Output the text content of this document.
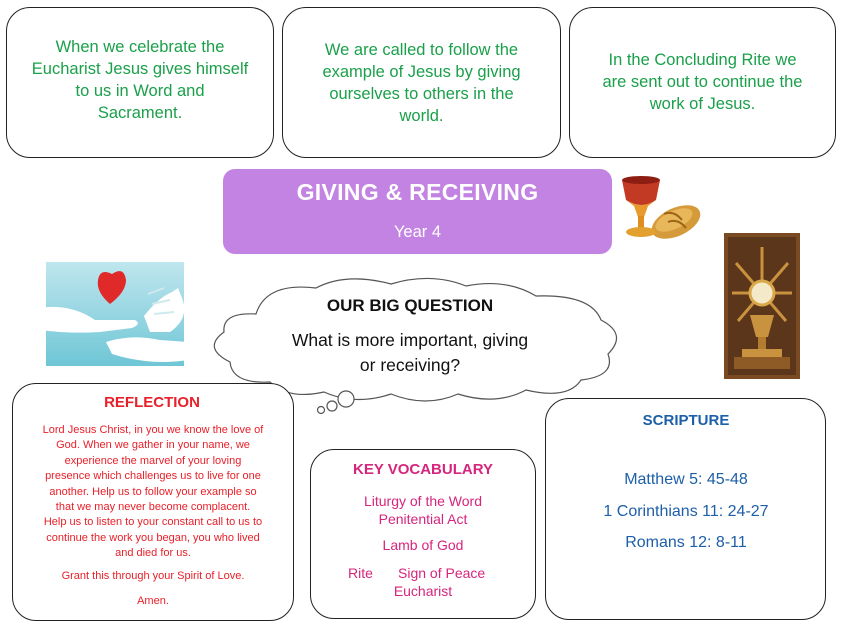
When we celebrate the
Eucharist Jesus gives himself
to us in Word and
Sacrament.
We are called to follow the
example of Jesus by giving
ourselves to others in the
world.
In the Concluding Rite we
are sent out to continue the
work of Jesus.
GIVING & RECEIVING
Year 4
OUR BIG QUESTION
What is more important, giving
or receiving?
REFLECTION
Lord Jesus Christ, in you we know the love of
God. When we gather in your name, we
experience the marvel of your loving
presence which challenges us to live for one
another. Help us to follow your example so
that we may never become complacent.
Help us to listen to your constant call to us to
continue the work you began, you who lived
and died for us.
Grant this through your Spirit of Love.
Amen.
KEY VOCABULARY
Liturgy of the Word
Penitential Act
Lamb of God
Rite Sign of Peace
Eucharist
SCRIPTURE
Matthew 5: 45-48
1 Corinthians 11: 24-27
Romans 12: 8-11
